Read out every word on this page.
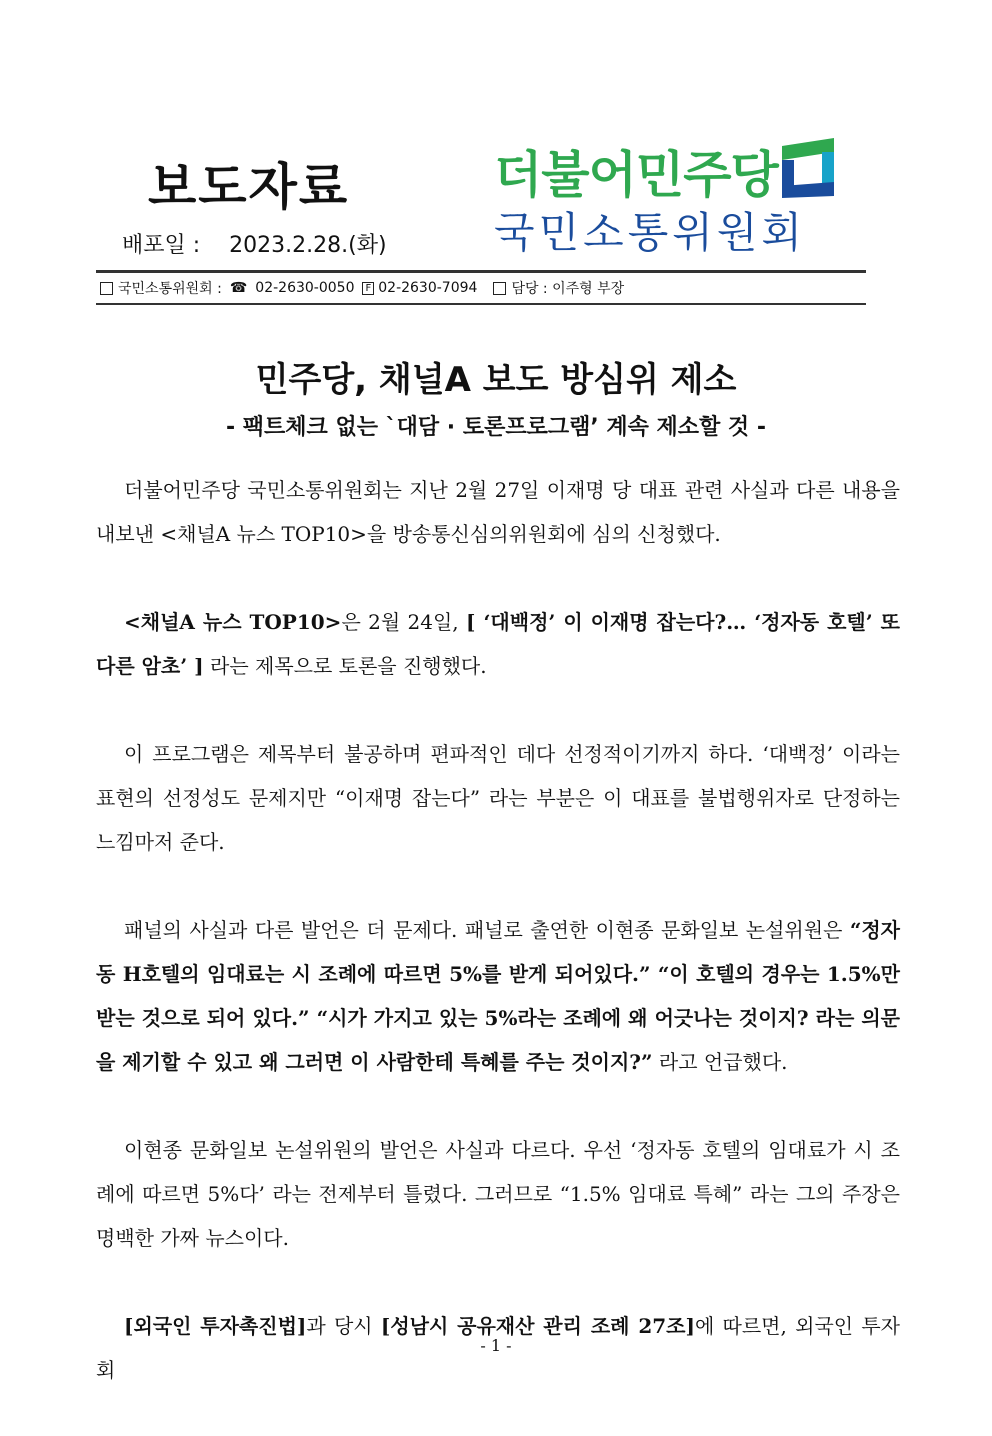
보도자료
배포일 : 2023.2.28.(화)
더불어민주당
국민소통위원회
국민소통위원회 : ☎ 02-2630-0050	F 02-2630-7094 담당 : 이주형 부장
민주당, 채널A 보도 방심위 제소
- 팩트체크 없는 `대담 · 토론프로그램’ 계속 제소할 것 -

더불어민주당 국민소통위원회는 지난 2월 27일 이재명 당 대표 관련 사실과 다른 내용을 내보낸 <채널A 뉴스 TOP10>을 방송통신심의위원회에 심의 신청했다.

<채널A 뉴스 TOP10>은 2월 24일, [ ‘대백정’ 이 이재명 잡는다?… ‘정자동 호텔’ 또다른 암초’ ] 라는 제목으로 토론을 진행했다.

이 프로그램은 제목부터 불공하며 편파적인 데다 선정적이기까지 하다. ‘대백정’ 이라는 표현의 선정성도 문제지만 “이재명 잡는다” 라는 부분은 이 대표를 불법행위자로 단정하는 느낌마저 준다.

패널의 사실과 다른 발언은 더 문제다. 패널로 출연한 이현종 문화일보 논설위원은 “정자동 H호텔의 임대료는 시 조례에 따르면 5%를 받게 되어있다.” “이 호텔의 경우는 1.5%만 받는 것으로 되어 있다.” “시가 가지고 있는 5%라는 조례에 왜 어긋나는 것이지? 라는 의문을 제기할 수 있고 왜 그러면 이 사람한테 특혜를 주는 것이지?” 라고 언급했다.

이현종 문화일보 논설위원의 발언은 사실과 다르다. 우선 ‘정자동 호텔의 임대료가 시 조례에 따르면 5%다’ 라는 전제부터 틀렸다. 그러므로 “1.5% 임대료 특혜” 라는 그의 주장은 명백한 가짜 뉴스이다.

[외국인 투자촉진법]과 당시 [성남시 공유재산 관리 조례 27조]에 따르면, 외국인 투자회

- 1 -
